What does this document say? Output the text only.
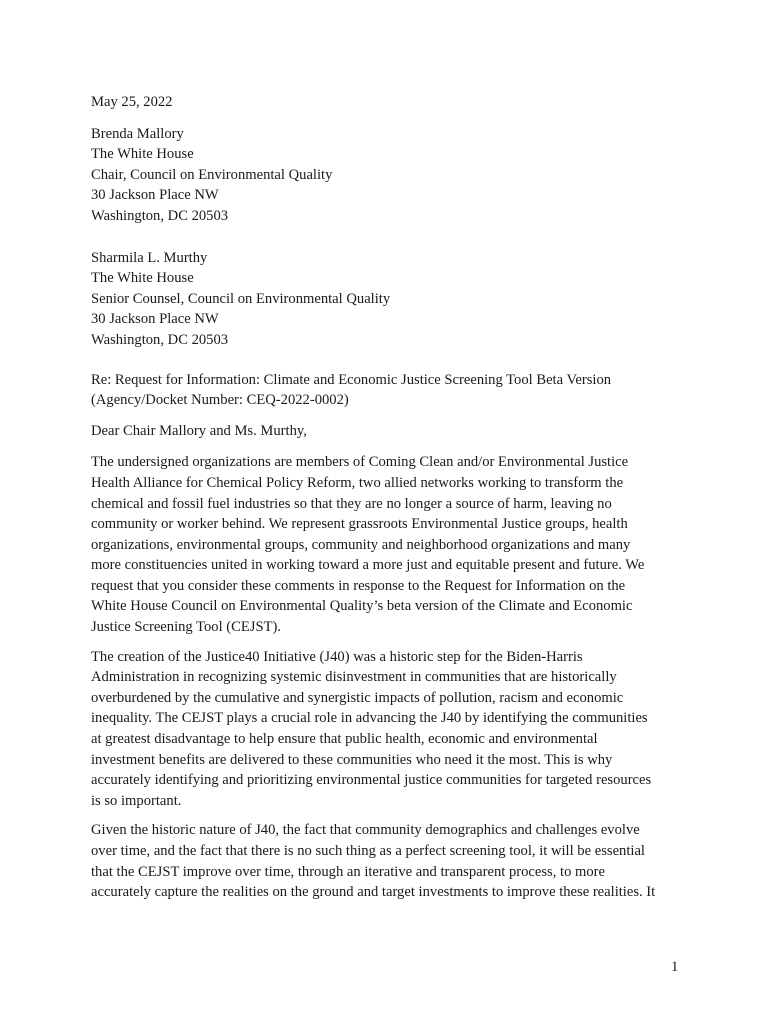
May 25, 2022
Brenda Mallory
The White House
Chair, Council on Environmental Quality
30 Jackson Place NW
Washington, DC 20503
Sharmila L. Murthy
The White House
Senior Counsel, Council on Environmental Quality
30 Jackson Place NW
Washington, DC 20503
Re: Request for Information: Climate and Economic Justice Screening Tool Beta Version
(Agency/Docket Number: CEQ-2022-0002)
Dear Chair Mallory and Ms. Murthy,
The undersigned organizations are members of Coming Clean and/or Environmental Justice
Health Alliance for Chemical Policy Reform, two allied networks working to transform the
chemical and fossil fuel industries so that they are no longer a source of harm, leaving no
community or worker behind. We represent grassroots Environmental Justice groups, health
organizations, environmental groups, community and neighborhood organizations and many
more constituencies united in working toward a more just and equitable present and future. We
request that you consider these comments in response to the Request for Information on the
White House Council on Environmental Quality’s beta version of the Climate and Economic
Justice Screening Tool (CEJST).
The creation of the Justice40 Initiative (J40) was a historic step for the Biden-Harris
Administration in recognizing systemic disinvestment in communities that are historically
overburdened by the cumulative and synergistic impacts of pollution, racism and economic
inequality. The CEJST plays a crucial role in advancing the J40 by identifying the communities
at greatest disadvantage to help ensure that public health, economic and environmental
investment benefits are delivered to these communities who need it the most. This is why
accurately identifying and prioritizing environmental justice communities for targeted resources
is so important.
Given the historic nature of J40, the fact that community demographics and challenges evolve
over time, and the fact that there is no such thing as a perfect screening tool, it will be essential
that the CEJST improve over time, through an iterative and transparent process, to more
accurately capture the realities on the ground and target investments to improve these realities. It
1
